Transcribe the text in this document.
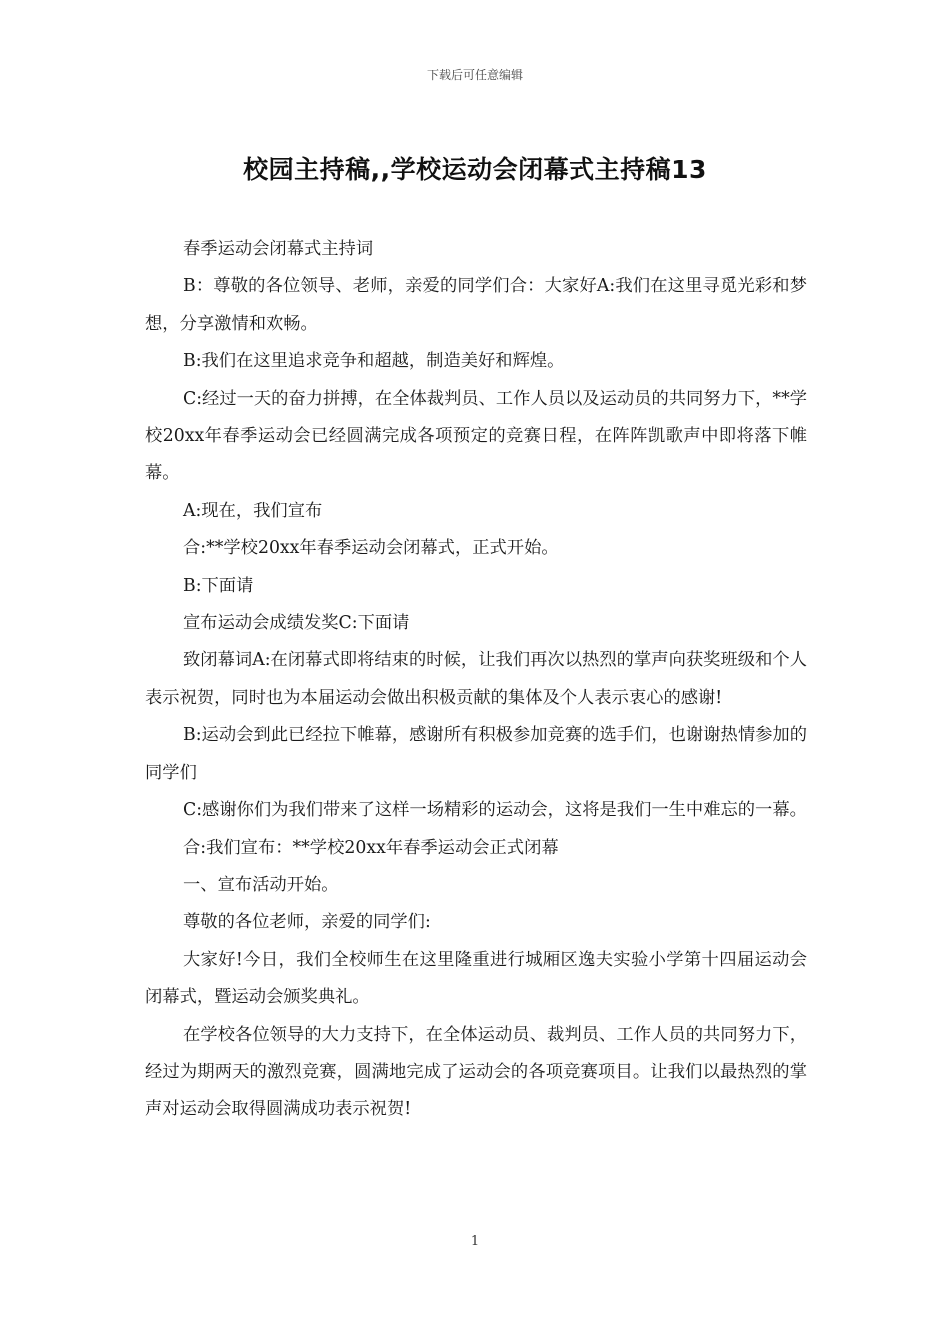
下载后可任意编辑
校园主持稿,,学校运动会闭幕式主持稿13

春季运动会闭幕式主持词

B：尊敬的各位领导、老师，亲爱的同学们合：大家好A:我们在这里寻觅光彩和梦想，分享激情和欢畅。

B:我们在这里追求竞争和超越，制造美好和辉煌。

C:经过一天的奋力拼搏，在全体裁判员、工作人员以及运动员的共同努力下，**学校20xx年春季运动会已经圆满完成各项预定的竞赛日程，在阵阵凯歌声中即将落下帷幕。

A:现在，我们宣布

合:**学校20xx年春季运动会闭幕式，正式开始。

B:下面请

宣布运动会成绩发奖C:下面请

致闭幕词A:在闭幕式即将结束的时候，让我们再次以热烈的掌声向获奖班级和个人表示祝贺，同时也为本届运动会做出积极贡献的集体及个人表示衷心的感谢!

B:运动会到此已经拉下帷幕，感谢所有积极参加竞赛的选手们，也谢谢热情参加的同学们

C:感谢你们为我们带来了这样一场精彩的运动会，这将是我们一生中难忘的一幕。

合:我们宣布：**学校20xx年春季运动会正式闭幕

一、宣布活动开始。

尊敬的各位老师，亲爱的同学们:

大家好!今日，我们全校师生在这里隆重进行城厢区逸夫实验小学第十四届运动会闭幕式，暨运动会颁奖典礼。

在学校各位领导的大力支持下，在全体运动员、裁判员、工作人员的共同努力下，经过为期两天的激烈竞赛，圆满地完成了运动会的各项竞赛项目。让我们以最热烈的掌声对运动会取得圆满成功表示祝贺!

1
